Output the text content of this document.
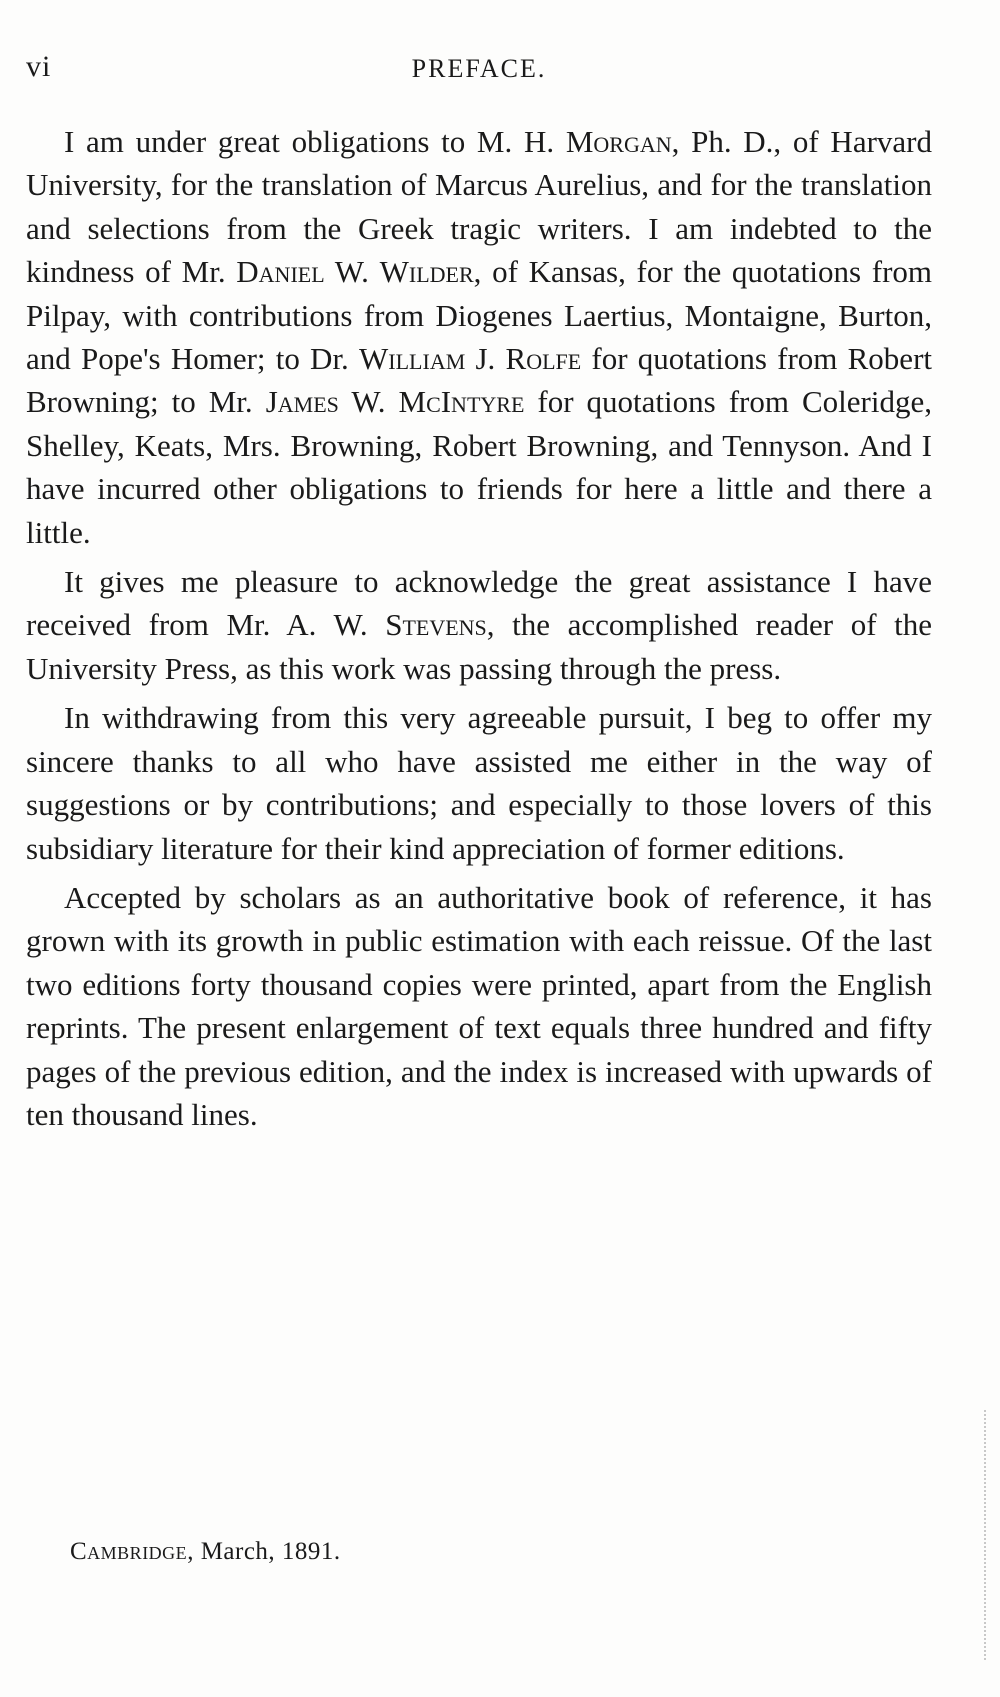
vi	PREFACE.

I am under great obligations to M. H. Morgan, Ph. D., of Harvard University, for the translation of Marcus Aurelius, and for the translation and selections from the Greek tragic writers. I am indebted to the kindness of Mr. Daniel W. Wilder, of Kansas, for the quotations from Pilpay, with contributions from Diogenes Laertius, Montaigne, Burton, and Pope's Homer; to Dr. William J. Rolfe for quotations from Robert Browning; to Mr. James W. McIntyre for quotations from Coleridge, Shelley, Keats, Mrs. Browning, Robert Browning, and Tennyson. And I have incurred other obligations to friends for here a little and there a little.

It gives me pleasure to acknowledge the great assistance I have received from Mr. A. W. Stevens, the accomplished reader of the University Press, as this work was passing through the press.

In withdrawing from this very agreeable pursuit, I beg to offer my sincere thanks to all who have assisted me either in the way of suggestions or by contributions; and especially to those lovers of this subsidiary literature for their kind appreciation of former editions.

Accepted by scholars as an authoritative book of reference, it has grown with its growth in public estimation with each reissue. Of the last two editions forty thousand copies were printed, apart from the English reprints. The present enlargement of text equals three hundred and fifty pages of the previous edition, and the index is increased with upwards of ten thousand lines.

Cambridge, March, 1891.
